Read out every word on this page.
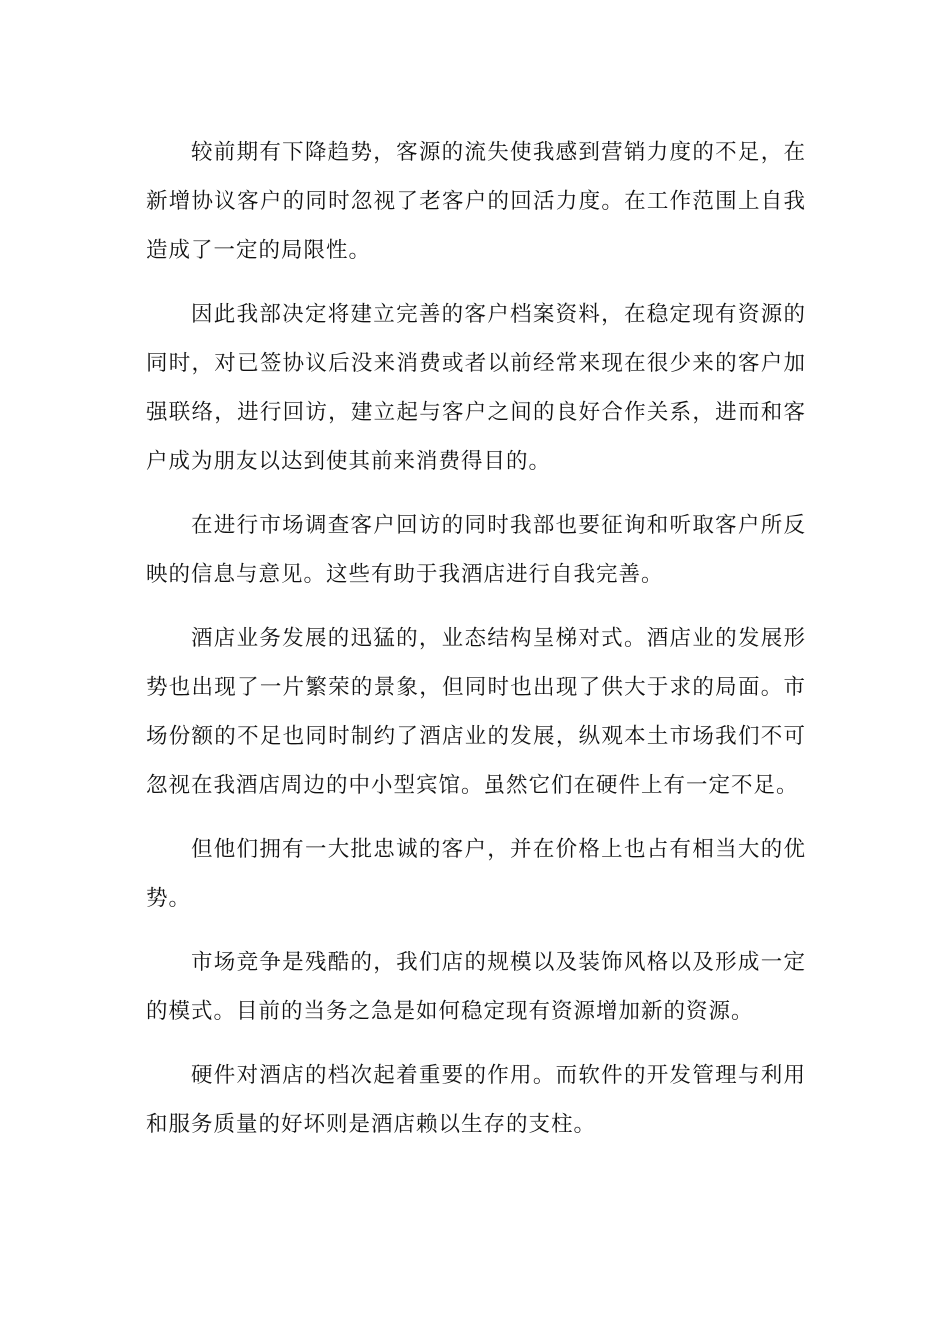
较前期有下降趋势，客源的流失使我感到营销力度的不足，在新增协议客户的同时忽视了老客户的回活力度。在工作范围上自我造成了一定的局限性。

因此我部决定将建立完善的客户档案资料，在稳定现有资源的同时，对已签协议后没来消费或者以前经常来现在很少来的客户加强联络，进行回访，建立起与客户之间的良好合作关系，进而和客户成为朋友以达到使其前来消费得目的。

在进行市场调查客户回访的同时我部也要征询和听取客户所反映的信息与意见。这些有助于我酒店进行自我完善。

酒店业务发展的迅猛的，业态结构呈梯对式。酒店业的发展形势也出现了一片繁荣的景象，但同时也出现了供大于求的局面。市场份额的不足也同时制约了酒店业的发展，纵观本土市场我们不可忽视在我酒店周边的中小型宾馆。虽然它们在硬件上有一定不足。

但他们拥有一大批忠诚的客户，并在价格上也占有相当大的优势。

市场竞争是残酷的，我们店的规模以及装饰风格以及形成一定的模式。目前的当务之急是如何稳定现有资源增加新的资源。

硬件对酒店的档次起着重要的作用。而软件的开发管理与利用和服务质量的好坏则是酒店赖以生存的支柱。
